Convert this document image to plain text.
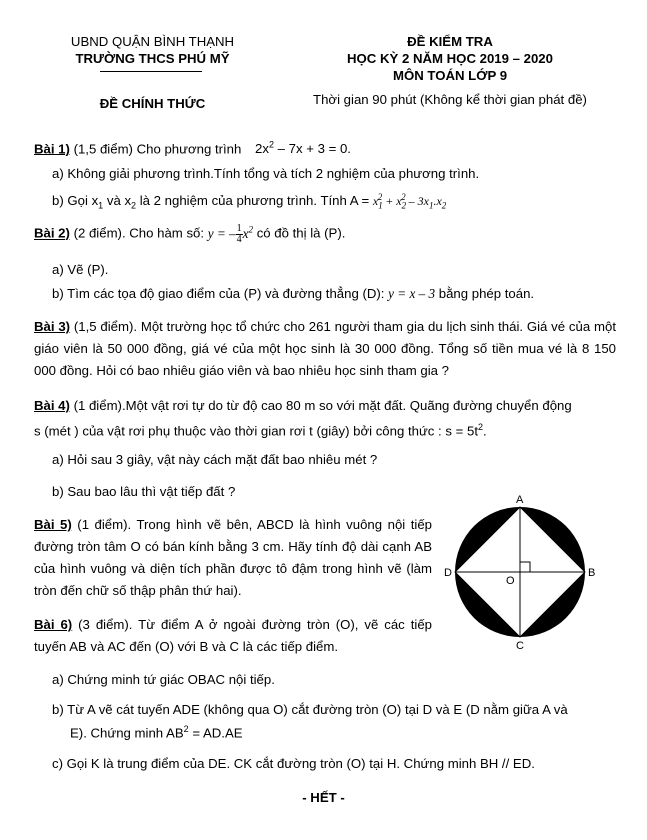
UBND QUẬN BÌNH THẠNH
TRƯỜNG THCS PHÚ MỸ
ĐỀ CHÍNH THỨC
ĐỀ KIỂM TRA
HỌC KỲ 2 NĂM HỌC 2019 – 2020
MÔN TOÁN LỚP 9
Thời gian 90 phút (Không kể thời gian phát đề)
Bài 1) (1,5 điểm) Cho phương trình $2x^2 - 7x + 3 = 0$.
a) Không giải phương trình.Tính tổng và tích 2 nghiệm của phương trình.
b) Gọi $x_1$ và $x_2$ là 2 nghiệm của phương trình. Tính $A = x_1^2 + x_2^2 - 3x_1.x_2$
Bài 2) (2 điểm). Cho hàm số: y = – $\frac{1}{4} x^2$ có đồ thị là (P).
a) Vẽ (P).
b) Tìm các tọa độ giao điểm của (P) và đường thẳng (D): y = x – 3 bằng phép toán.
Bài 3) (1,5 điểm). Một trường học tổ chức cho 261 người tham gia du lịch sinh thái. Giá vé của một giáo viên là 50 000 đồng, giá vé của một học sinh là 30 000 đồng. Tổng số tiền mua vé là 8 150 000 đồng. Hỏi có bao nhiêu giáo viên và bao nhiêu học sinh tham gia ?
Bài 4) (1 điểm).Một vật rơi tự do từ độ cao 80 m so với mặt đất. Quãng đường chuyển động
s (mét ) của vật rơi phụ thuộc vào thời gian rơi t (giây) bởi công thức : $s = 5t^2$.
a) Hỏi sau 3 giây, vật này cách mặt đất bao nhiêu mét ?
b) Sau bao lâu thì vật tiếp đất ?
Bài 5) (1 điểm). Trong hình vẽ bên, ABCD là hình vuông nội tiếp đường tròn tâm O có bán kính bằng 3 cm. Hãy tính độ dài cạnh AB của hình vuông và diện tích phần được tô đậm trong hình vẽ (làm tròn đến chữ số thập phân thứ hai).
A
B
C
D
O
Bài 6) (3 điểm). Từ điểm A ở ngoài đường tròn (O), vẽ các tiếp tuyến AB và AC đến (O) với B và C là các tiếp điểm.
a) Chứng minh tứ giác OBAC nội tiếp.
b) Từ A vẽ cát tuyến ADE (không qua O) cắt đường tròn (O) tại D và E (D nằm giữa A và
E). Chứng minh $AB^2 = AD.AE$
c) Gọi K là trung điểm của DE. CK cắt đường tròn (O) tại H. Chứng minh BH // ED.
- HẾT -
